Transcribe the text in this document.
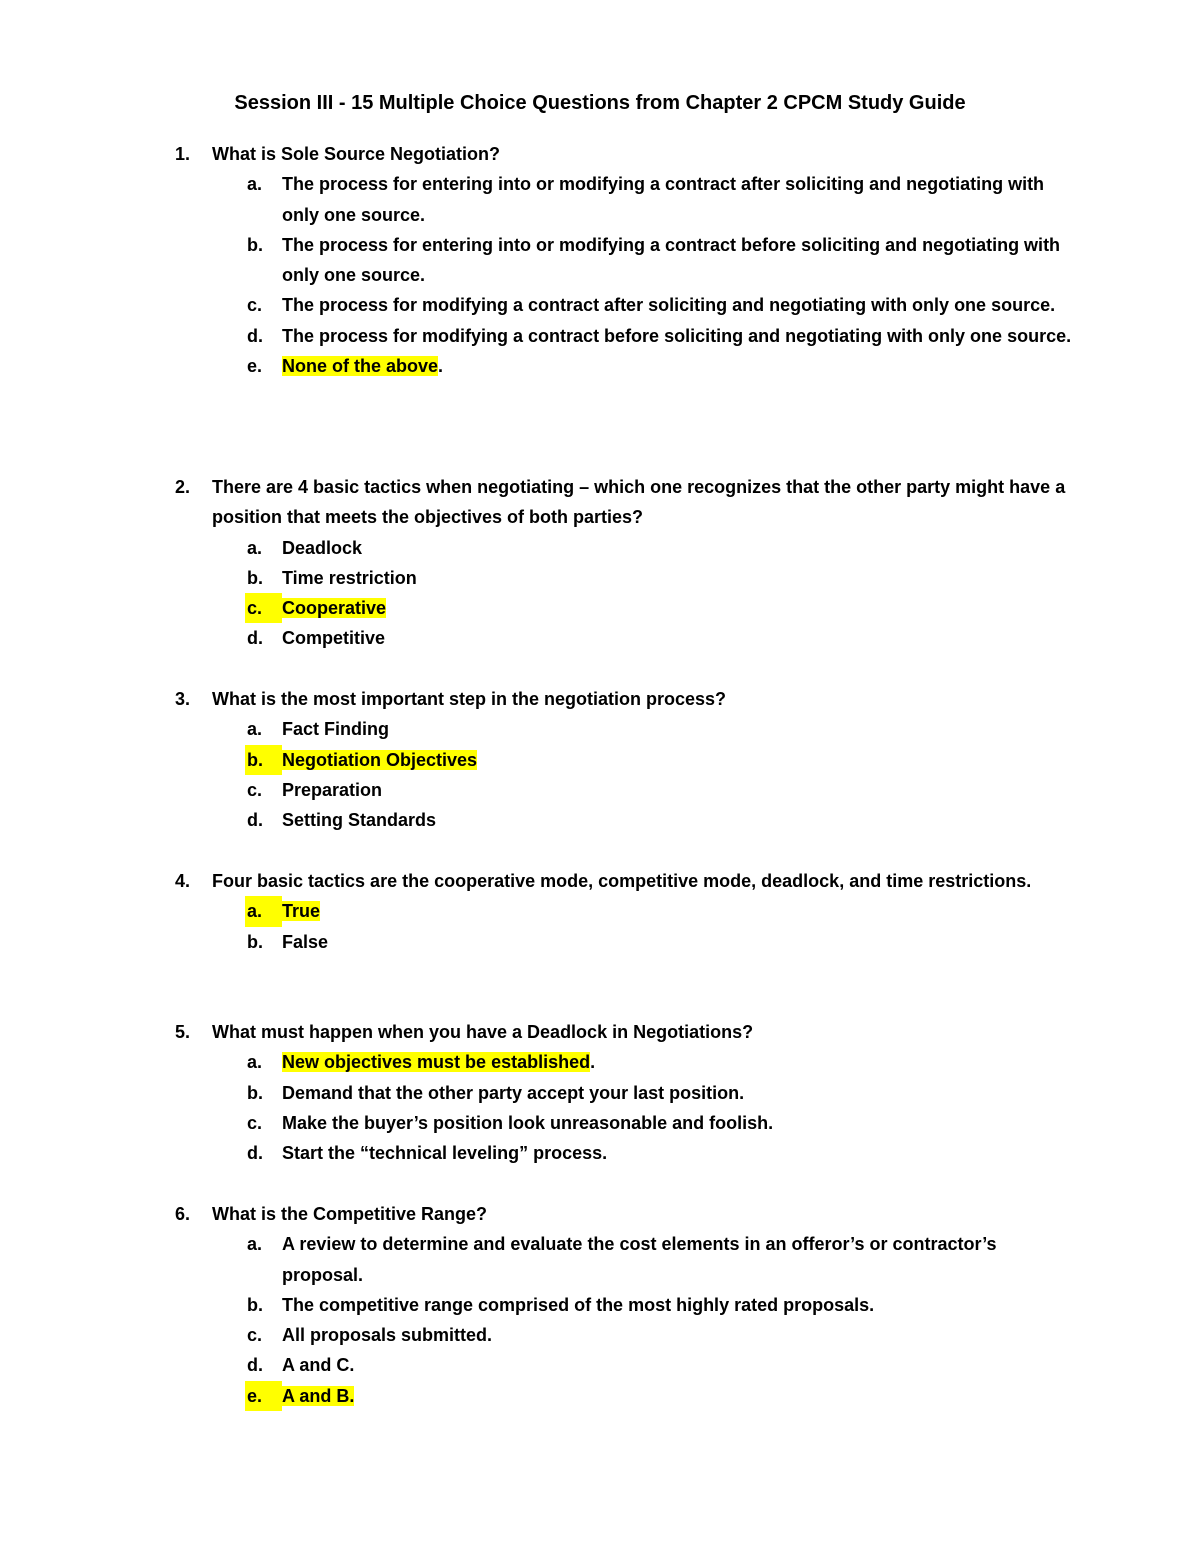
Session III - 15 Multiple Choice Questions from Chapter 2 CPCM Study Guide
1. What is Sole Source Negotiation?
a. The process for entering into or modifying a contract after soliciting and negotiating with only one source.
b. The process for entering into or modifying a contract before soliciting and negotiating with only one source.
c. The process for modifying a contract after soliciting and negotiating with only one source.
d. The process for modifying a contract before soliciting and negotiating with only one source.
e. None of the above.
2. There are 4 basic tactics when negotiating – which one recognizes that the other party might have a position that meets the objectives of both parties?
a. Deadlock
b. Time restriction
c.	Cooperative
d. Competitive
3. What is the most important step in the negotiation process?
a. Fact Finding
b.	Negotiation Objectives
c. Preparation
d. Setting Standards
4. Four basic tactics are the cooperative mode, competitive mode, deadlock, and time restrictions.
a.	True
b. False
5. What must happen when you have a Deadlock in Negotiations?
a. New objectives must be established.
b. Demand that the other party accept your last position.
c. Make the buyer’s position look unreasonable and foolish.
d. Start the “technical leveling” process.
6. What is the Competitive Range?
a. A review to determine and evaluate the cost elements in an offeror’s or contractor’s proposal.
b. The competitive range comprised of the most highly rated proposals.
c. All proposals submitted.
d. A and C.
e.	A and B.
